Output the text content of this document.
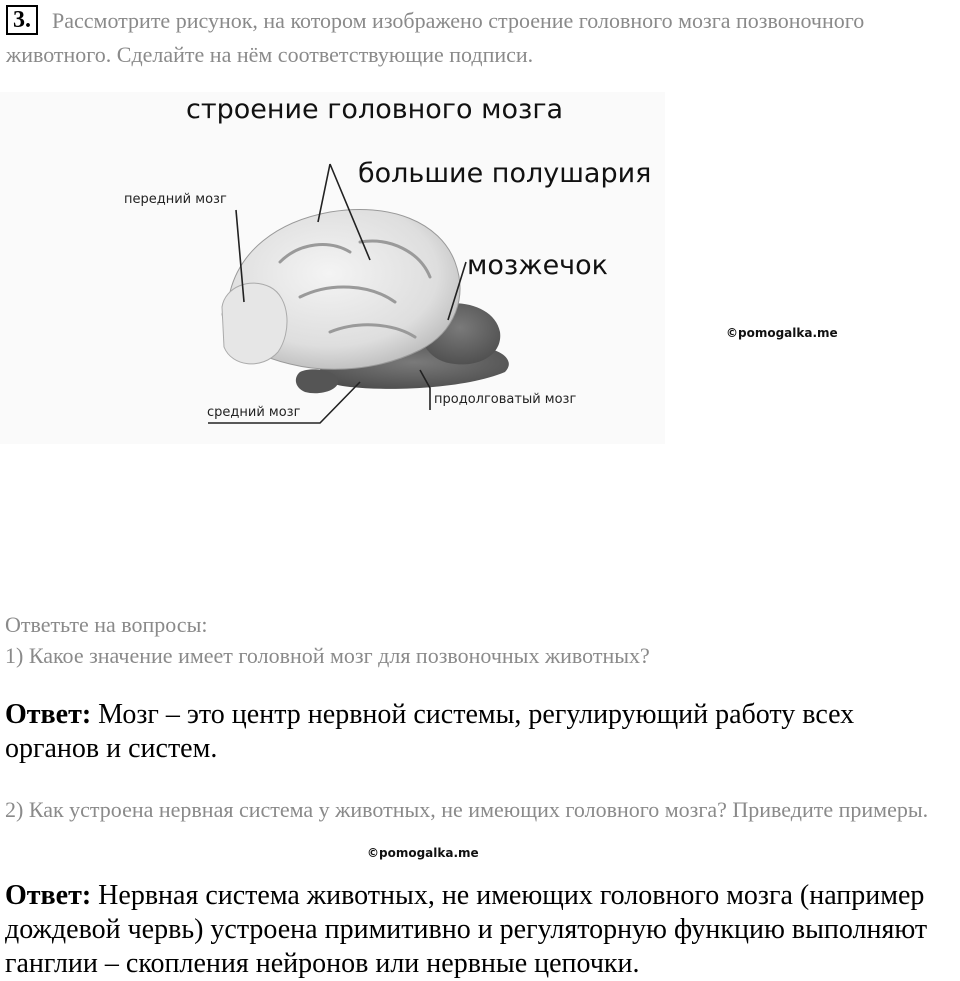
3. Рассмотрите рисунок, на котором изображено строение головного мозга позвоночного животного. Сделайте на нём соответствующие подписи.
строение головного мозга
большие полушария
мозжечок
передний мозг
средний мозг
продолговатый мозг
©pomogalka.me
Ответьте на вопросы:
1) Какое значение имеет головной мозг для позвоночных животных?
Ответ: Мозг – это центр нервной системы, регулирующий работу всех органов и систем.
2) Как устроена нервная система у животных, не имеющих головного мозга? Приведите примеры.
©pomogalka.me
Ответ: Нервная система животных, не имеющих головного мозга (например дождевой червь) устроена примитивно и регуляторную функцию выполняют ганглии – скопления нейронов или нервные цепочки.
